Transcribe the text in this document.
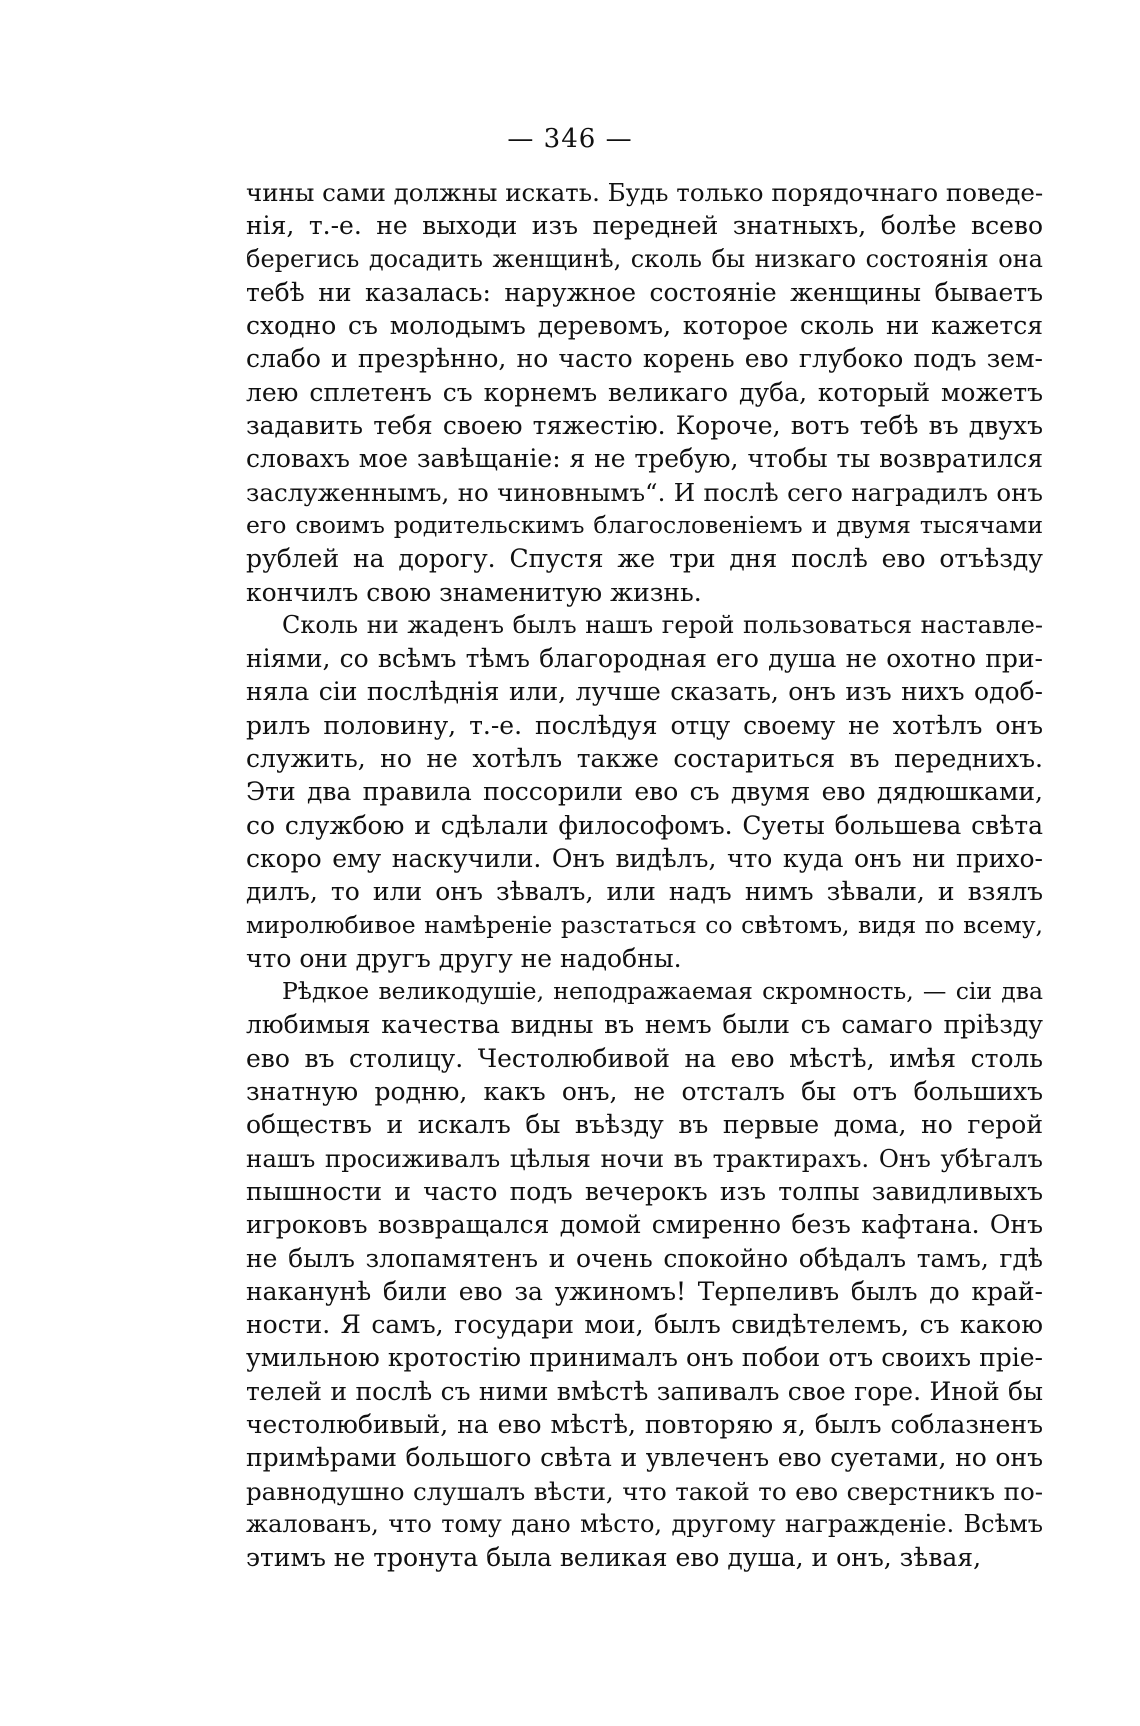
— 346 —
чины сами должны искать. Будь только порядочнаго поведе-
нія, т.-е. не выходи изъ передней знатныхъ, болѣе всево
берегись досадить женщинѣ, сколь бы низкаго состоянія она
тебѣ ни казалась: наружное состояніе женщины бываетъ
сходно съ молодымъ деревомъ, которое сколь ни кажется
слабо и презрѣнно, но часто корень ево глубоко подъ зем-
лею сплетенъ съ корнемъ великаго дуба, который можетъ
задавить тебя своею тяжестію. Короче, вотъ тебѣ въ двухъ
словахъ мое завѣщаніе: я не требую, чтобы ты возвратился
заслуженнымъ, но чиновнымъ“. И послѣ сего наградилъ онъ
его своимъ родительскимъ благословеніемъ и двумя тысячами
рублей на дорогу. Спустя же три дня послѣ ево отъѣзду
кончилъ свою знаменитую жизнь.
Сколь ни жаденъ былъ нашъ герой пользоваться наставле-
ніями, со всѣмъ тѣмъ благородная его душа не охотно при-
няла сіи послѣднія или, лучше сказать, онъ изъ нихъ одоб-
рилъ половину, т.-е. послѣдуя отцу своему не хотѣлъ онъ
служить, но не хотѣлъ также состариться въ переднихъ.
Эти два правила поссорили ево съ двумя ево дядюшками,
со службою и сдѣлали философомъ. Суеты большева свѣта
скоро ему наскучили. Онъ видѣлъ, что куда онъ ни прихо-
дилъ, то или онъ зѣвалъ, или надъ нимъ зѣвали, и взялъ
миролюбивое намѣреніе разстаться со свѣтомъ, видя по всему,
что они другъ другу не надобны.
Рѣдкое великодушіе, неподражаемая скромность, — сіи два
любимыя качества видны въ немъ были съ самаго пріѣзду
ево въ столицу. Честолюбивой на ево мѣстѣ, имѣя столь
знатную родню, какъ онъ, не отсталъ бы отъ большихъ
обществъ и искалъ бы въѣзду въ первые дома, но герой
нашъ просиживалъ цѣлыя ночи въ трактирахъ. Онъ убѣгалъ
пышности и часто подъ вечерокъ изъ толпы завидливыхъ
игроковъ возвращался домой смиренно безъ кафтана. Онъ
не былъ злопамятенъ и очень спокойно обѣдалъ тамъ, гдѣ
наканунѣ били ево за ужиномъ! Терпеливъ былъ до край-
ности. Я самъ, государи мои, былъ свидѣтелемъ, съ какою
умильною кротостію принималъ онъ побои отъ своихъ пріе-
телей и послѣ съ ними вмѣстѣ запивалъ свое горе. Иной бы
честолюбивый, на ево мѣстѣ, повторяю я, былъ соблазненъ
примѣрами большого свѣта и увлеченъ ево суетами, но онъ
равнодушно слушалъ вѣсти, что такой то ево сверстникъ по-
жалованъ, что тому дано мѣсто, другому награжденіе. Всѣмъ
этимъ не тронута была великая ево душа, и онъ, зѣвая,
